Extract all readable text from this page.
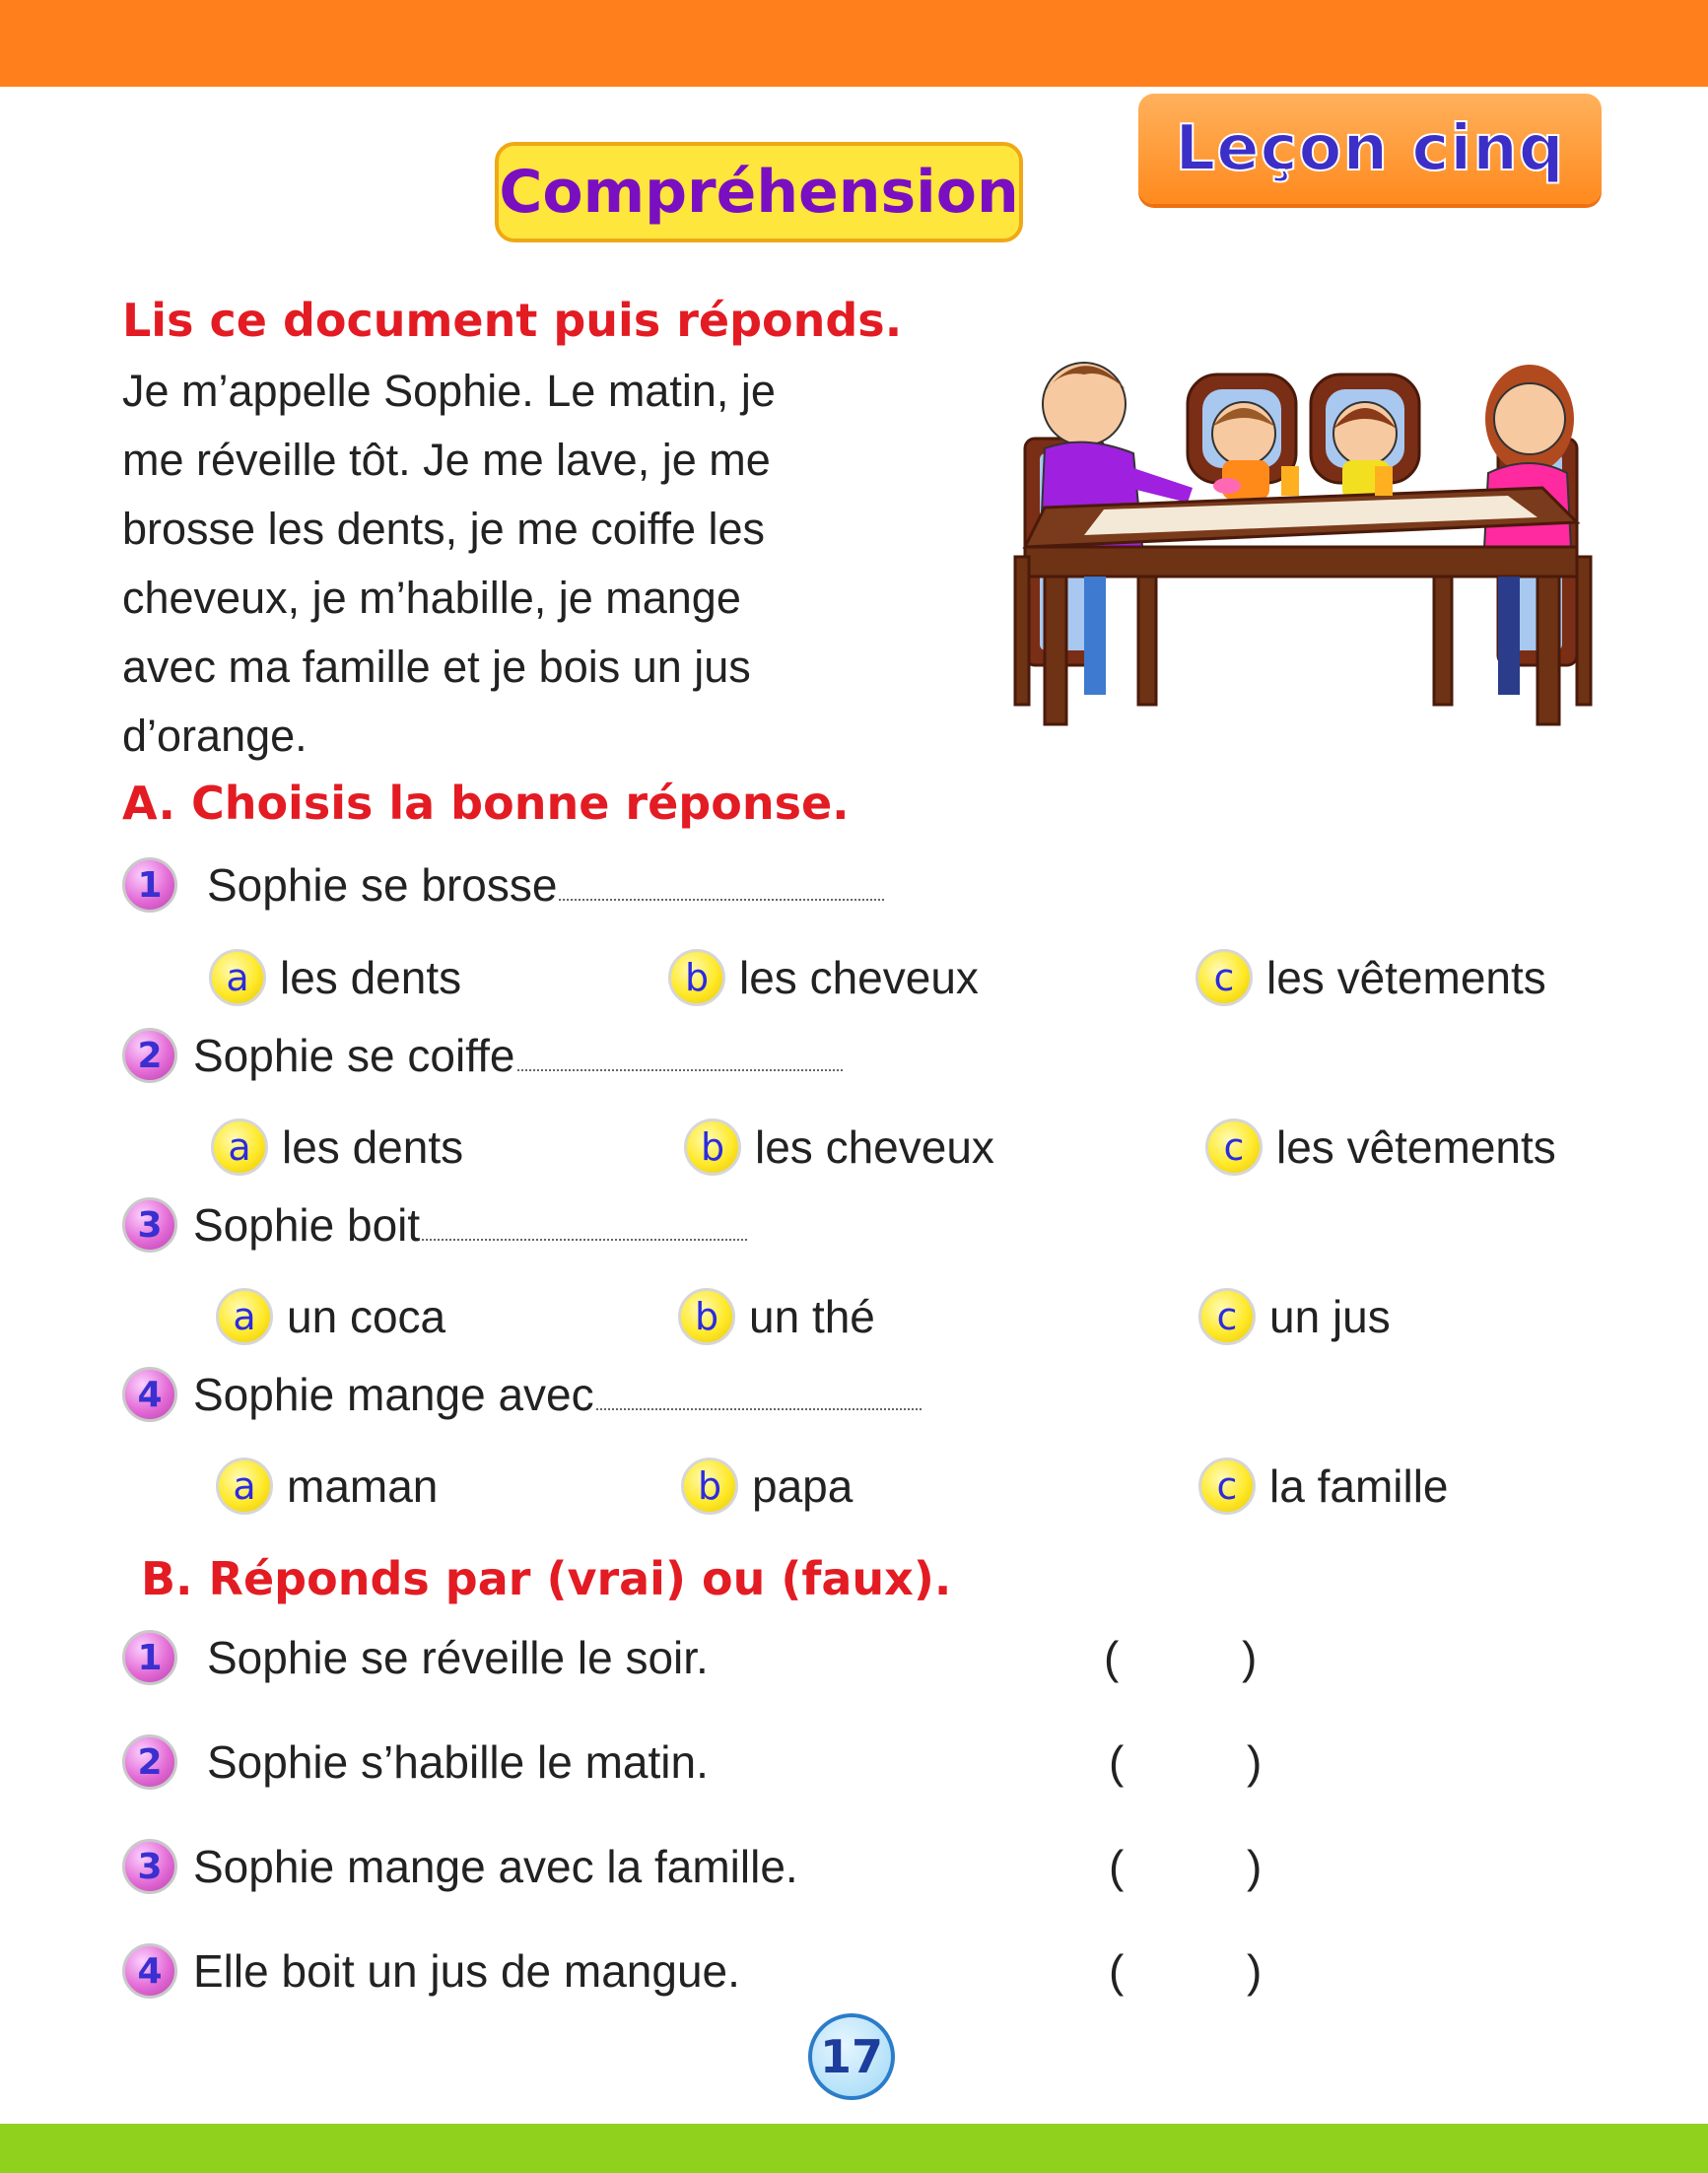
Leçon cinq
Compréhension
Lis ce document puis réponds.
Je m’appelle Sophie. Le matin, je
me réveille tôt. Je me lave, je me
brosse les dents, je me coiffe les
cheveux, je m’habille, je mange
avec ma famille et je bois un jus
d’orange.
A. Choisis la bonne réponse.
1 Sophie se brosse
a les dents	b les cheveux	c les vêtements
2 Sophie se coiffe
a les dents	b les cheveux	c les vêtements
3 Sophie boit
a un coca	b un thé	c un jus
4 Sophie mange avec
a maman	b papa	c la famille
B. Réponds par (vrai) ou (faux).
1 Sophie se réveille le soir.	(	)
2 Sophie s’habille le matin.	(	)
3 Sophie mange avec la famille.	(	)
4 Elle boit un jus de mangue.	(	)
17
